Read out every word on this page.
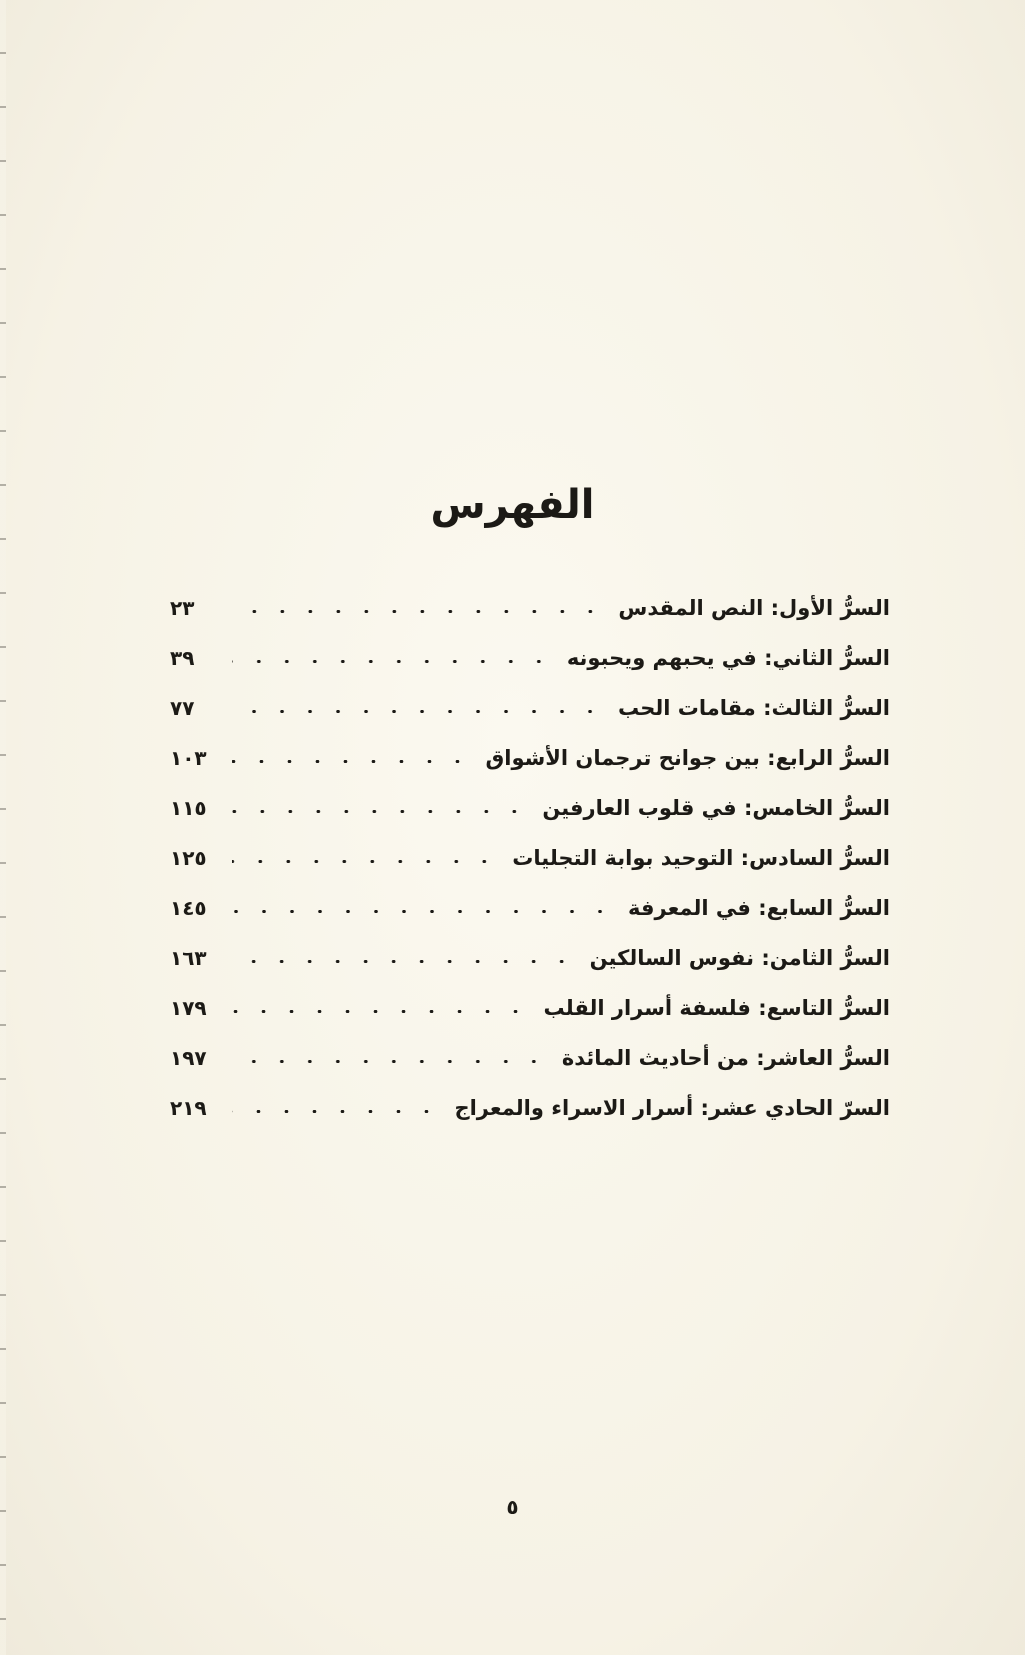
الفهرس
السرُّ الأول: النص المقدس
٢٣
السرُّ الثاني: في يحبهم ويحبونه
٣٩
السرُّ الثالث: مقامات الحب
٧٧
السرُّ الرابع: بين جوانح ترجمان الأشواق
١٠٣
السرُّ الخامس: في قلوب العارفين
١١٥
السرُّ السادس: التوحيد بوابة التجليات
١٢٥
السرُّ السابع: في المعرفة
١٤٥
السرُّ الثامن: نفوس السالكين
١٦٣
السرُّ التاسع: فلسفة أسرار القلب
١٧٩
السرُّ العاشر: من أحاديث المائدة
١٩٧
السرّ الحادي عشر: أسرار الاسراء والمعراج
٢١٩
٥
